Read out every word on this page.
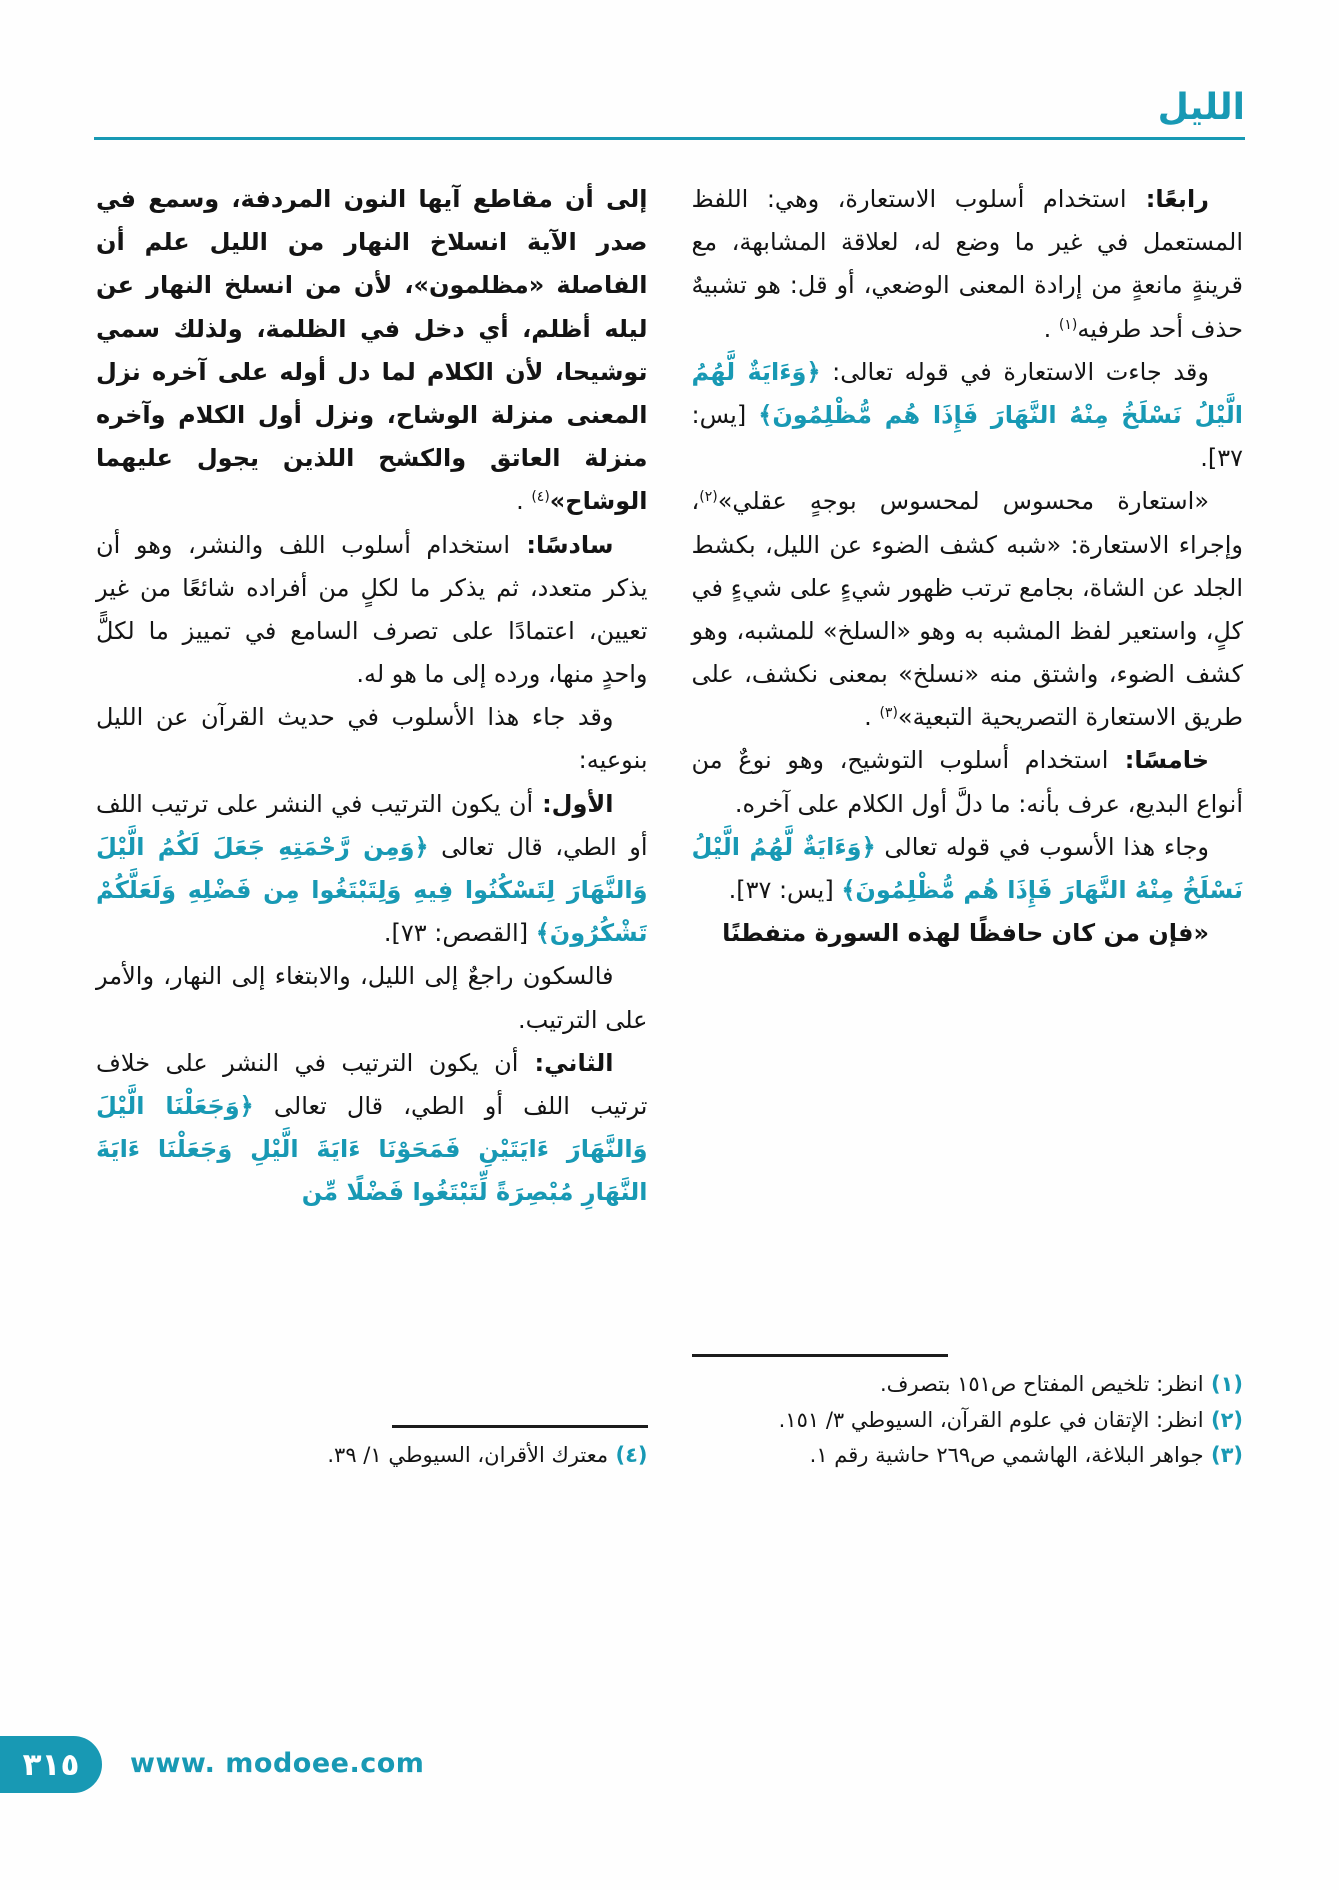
الليل

رابعًا: استخدام أسلوب الاستعارة، وهي: اللفظ المستعمل في غير ما وضع له، لعلاقة المشابهة، مع قرينةٍ مانعةٍ من إرادة المعنى الوضعي، أو قل: هو تشبيهٌ حذف أحد طرفيه$^{(١)}$ .

وقد جاءت الاستعارة في قوله تعالى: ﴿وَءَايَةٌ لَّهُمُ الَّيْلُ نَسْلَخُ مِنْهُ النَّهَارَ فَإِذَا هُم مُّظْلِمُونَ﴾ [يس: ٣٧].

«استعارة محسوس لمحسوس بوجهٍ عقلي»$^{(٢)}$، وإجراء الاستعارة: «شبه كشف الضوء عن الليل، بكشط الجلد عن الشاة، بجامع ترتب ظهور شيءٍ على شيءٍ في كلٍ، واستعير لفظ المشبه به وهو «السلخ» للمشبه، وهو كشف الضوء، واشتق منه «نسلخ» بمعنى نكشف، على طريق الاستعارة التصريحية التبعية»$^{(٣)}$ .

خامسًا: استخدام أسلوب التوشيح، وهو نوعٌ من أنواع البديع، عرف بأنه: ما دلَّ أول الكلام على آخره.

وجاء هذا الأسوب في قوله تعالى ﴿وَءَايَةٌ لَّهُمُ الَّيْلُ نَسْلَخُ مِنْهُ النَّهَارَ فَإِذَا هُم مُّظْلِمُونَ﴾ [يس: ٣٧].

«فإن من كان حافظًا لهذه السورة متفطنًا

(١) انظر: تلخيص المفتاح ص١٥١ بتصرف.

(٢) انظر: الإتقان في علوم القرآن، السيوطي ٣/ ١٥١.

(٣) جواهر البلاغة، الهاشمي ص٢٦٩ حاشية رقم ١.

إلى أن مقاطع آيها النون المردفة، وسمع في صدر الآية انسلاخ النهار من الليل علم أن الفاصلة «مظلمون»، لأن من انسلخ النهار عن ليله أظلم، أي دخل في الظلمة، ولذلك سمي توشيحا، لأن الكلام لما دل أوله على آخره نزل المعنى منزلة الوشاح، ونزل أول الكلام وآخره منزلة العاتق والكشح اللذين يجول عليهما الوشاح»$^{(٤)}$ .

سادسًا: استخدام أسلوب اللف والنشر، وهو أن يذكر متعدد، ثم يذكر ما لكلٍ من أفراده شائعًا من غير تعيين، اعتمادًا على تصرف السامع في تمييز ما لكلًّ واحدٍ منها، ورده إلى ما هو له.

وقد جاء هذا الأسلوب في حديث القرآن عن الليل بنوعيه:

الأول: أن يكون الترتيب في النشر على ترتيب اللف أو الطي، قال تعالى ﴿وَمِن رَّحْمَتِهِ جَعَلَ لَكُمُ الَّيْلَ وَالنَّهَارَ لِتَسْكُنُوا فِيهِ وَلِتَبْتَغُوا مِن فَضْلِهِ وَلَعَلَّكُمْ تَشْكُرُونَ﴾ [القصص: ٧٣].

فالسكون راجعٌ إلى الليل، والابتغاء إلى النهار، والأمر على الترتيب.

الثاني: أن يكون الترتيب في النشر على خلاف ترتيب اللف أو الطي، قال تعالى ﴿وَجَعَلْنَا الَّيْلَ وَالنَّهَارَ ءَايَتَيْنِ فَمَحَوْنَا ءَايَةَ الَّيْلِ وَجَعَلْنَا ءَايَةَ النَّهَارِ مُبْصِرَةً لِّتَبْتَغُوا فَضْلًا مِّن

(٤) معترك الأقران، السيوطي ١/ ٣٩.

٣١٥ www. modoee.com
